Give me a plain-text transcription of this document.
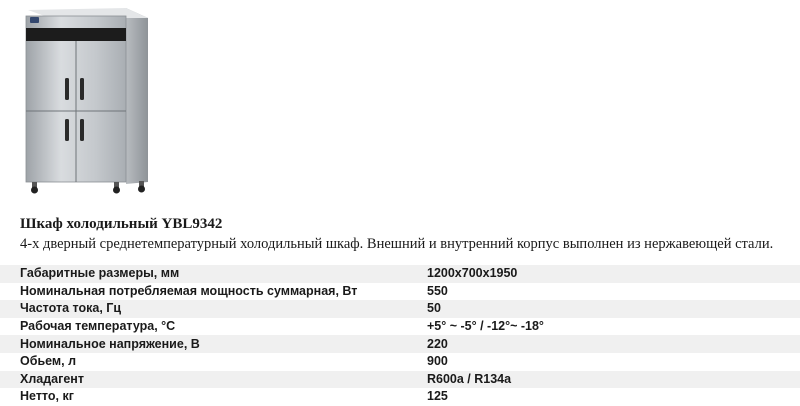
Шкаф холодильный YBL9342
4-х дверный среднетемпературный холодильный шкаф. Внешний и внутренний корпус выполнен из нержавеющей стали.
Габаритные размеры, мм	1200х700х1950
Номинальная потребляемая мощность суммарная, Вт	550
Частота тока, Гц	50
Рабочая температура, °С	+5° ~ -5° / -12°~ -18°
Номинальное напряжение, В	220
Обьем, л	900
Хладагент	R600a / R134a
Нетто, кг	125
